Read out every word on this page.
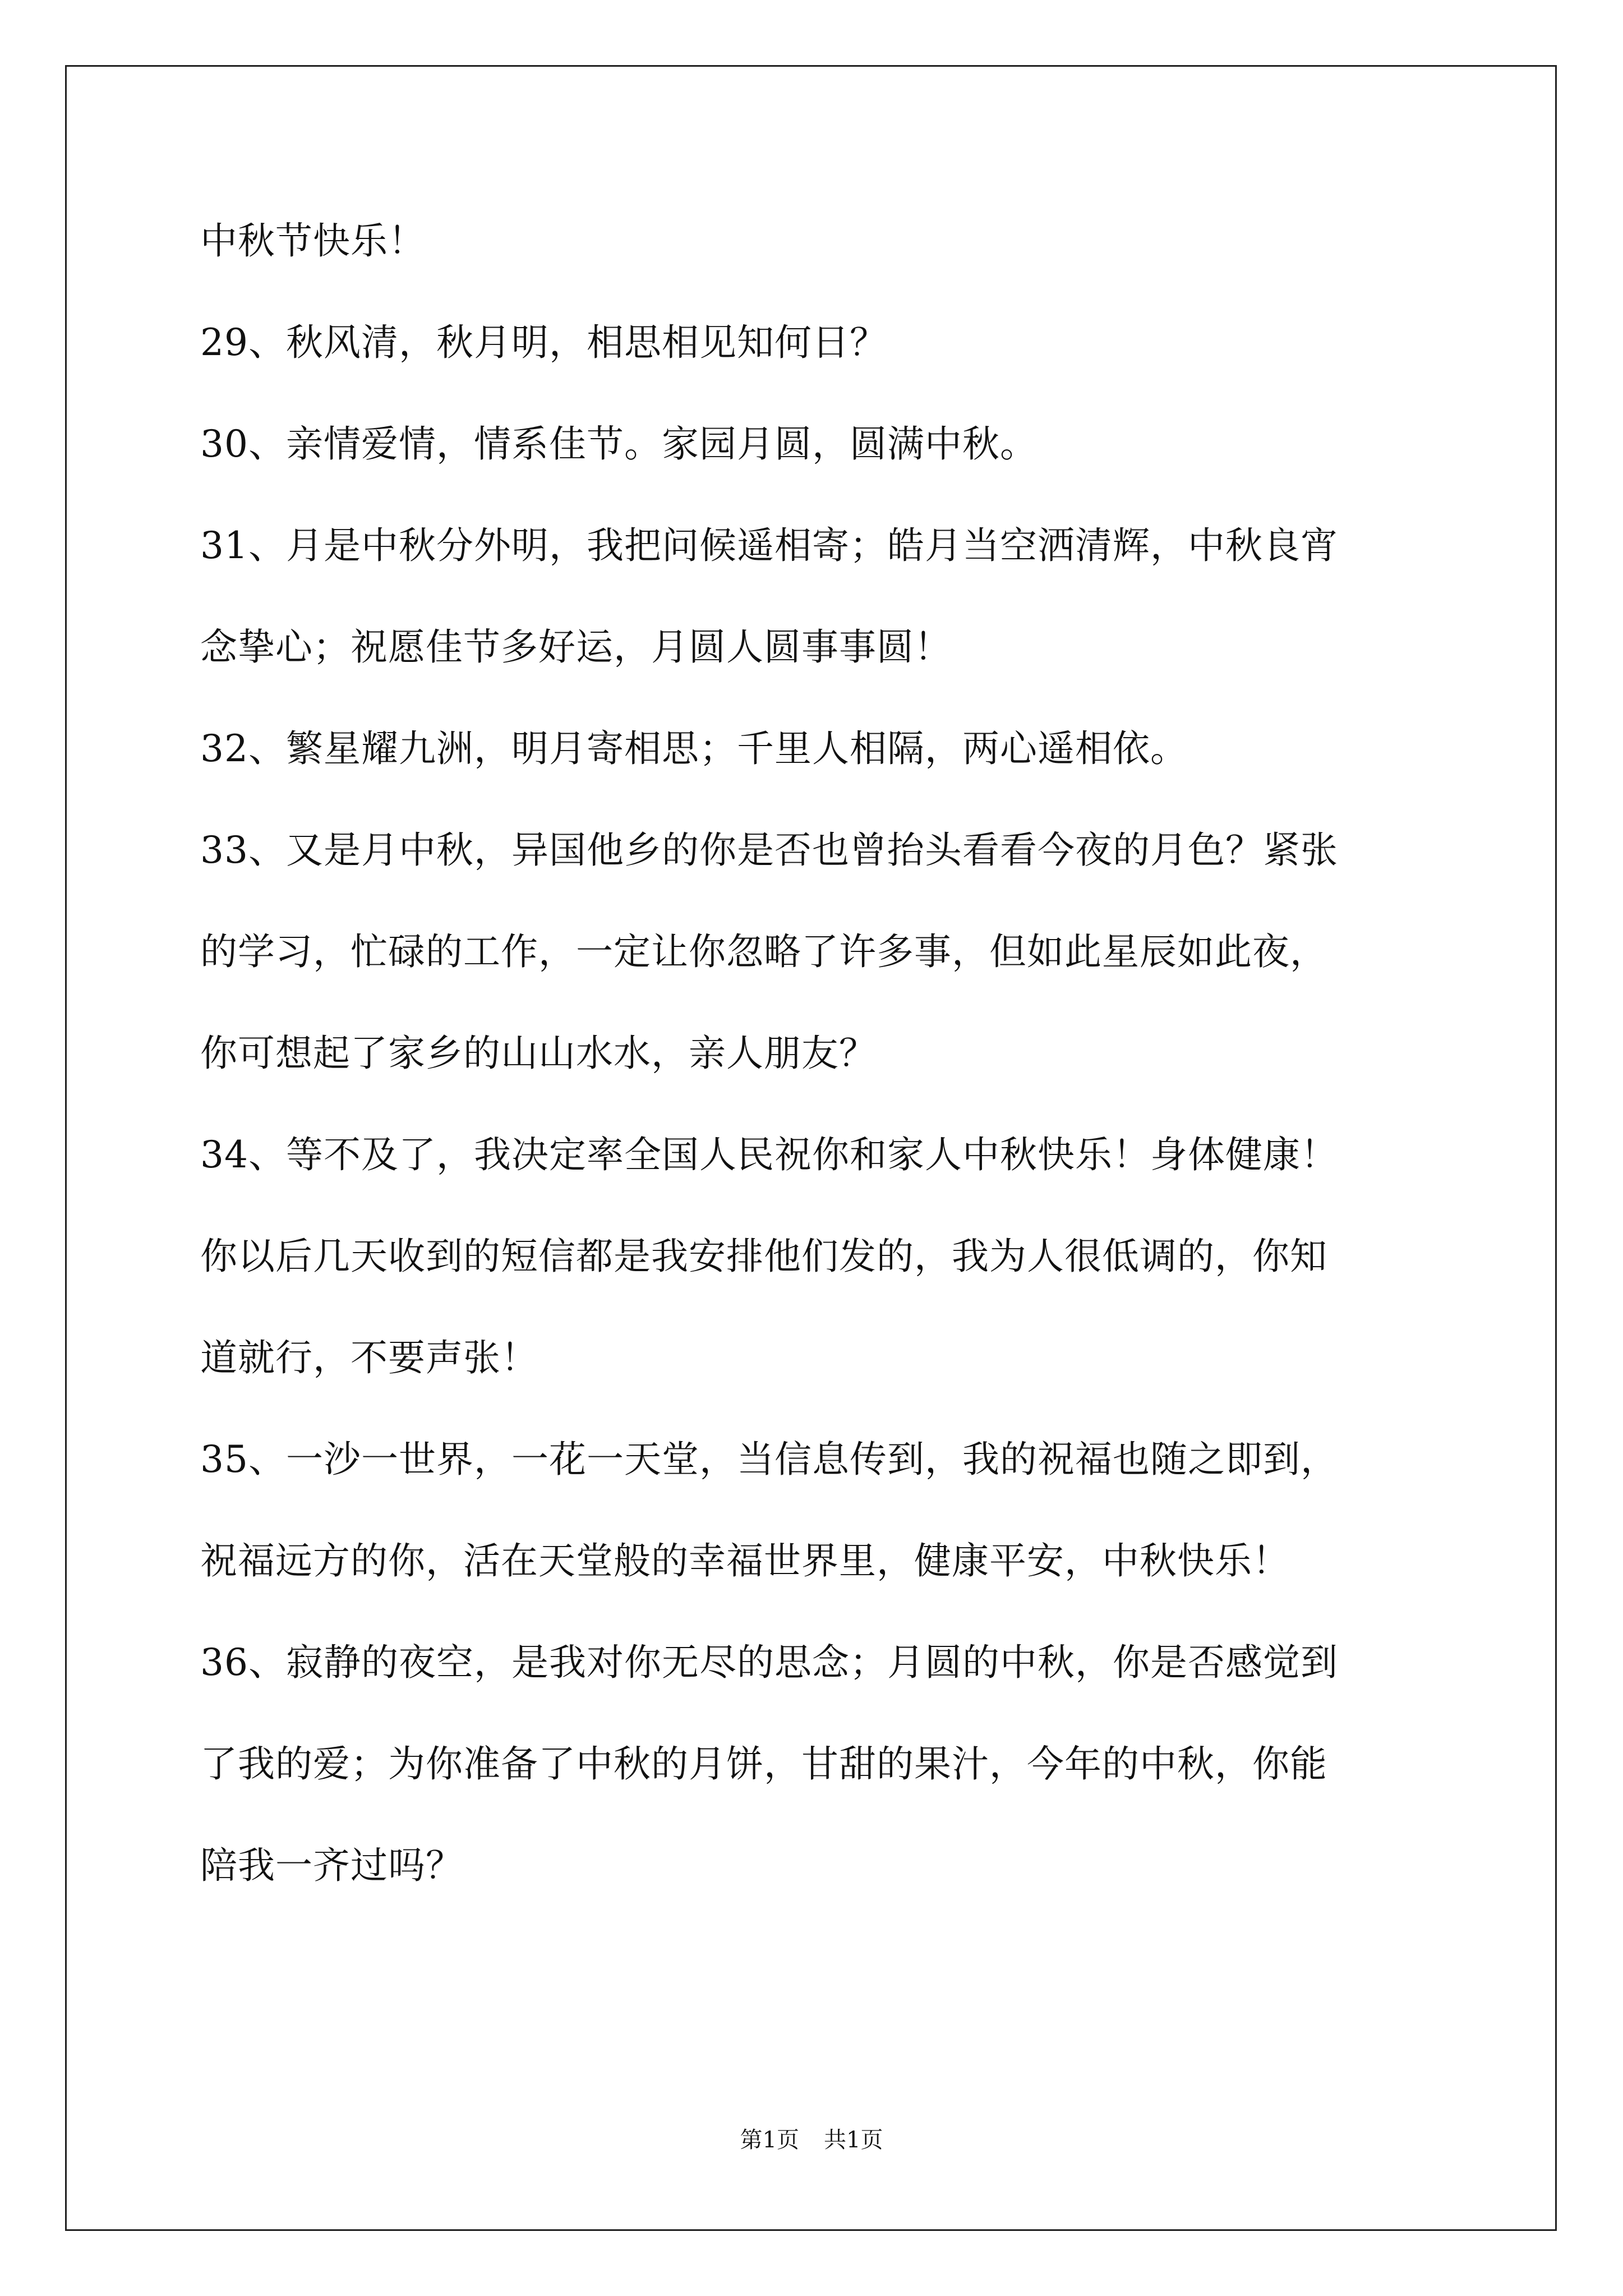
中秋节快乐！
29、秋风清，秋月明，相思相见知何日？
30、亲情爱情，情系佳节。家园月圆，圆满中秋。
31、月是中秋分外明，我把问候遥相寄；皓月当空洒清辉，中秋良宵
念挚心；祝愿佳节多好运，月圆人圆事事圆！
32、繁星耀九洲，明月寄相思；千里人相隔，两心遥相依。
33、又是月中秋，异国他乡的你是否也曾抬头看看今夜的月色？紧张
的学习，忙碌的工作，一定让你忽略了许多事，但如此星辰如此夜，
你可想起了家乡的山山水水，亲人朋友？
34、等不及了，我决定率全国人民祝你和家人中秋快乐！身体健康！
你以后几天收到的短信都是我安排他们发的，我为人很低调的，你知
道就行，不要声张！
35、一沙一世界，一花一天堂，当信息传到，我的祝福也随之即到，
祝福远方的你，活在天堂般的幸福世界里，健康平安，中秋快乐！
36、寂静的夜空，是我对你无尽的思念；月圆的中秋，你是否感觉到
了我的爱；为你准备了中秋的月饼，甘甜的果汁，今年的中秋，你能
陪我一齐过吗？
第1页 共1页
